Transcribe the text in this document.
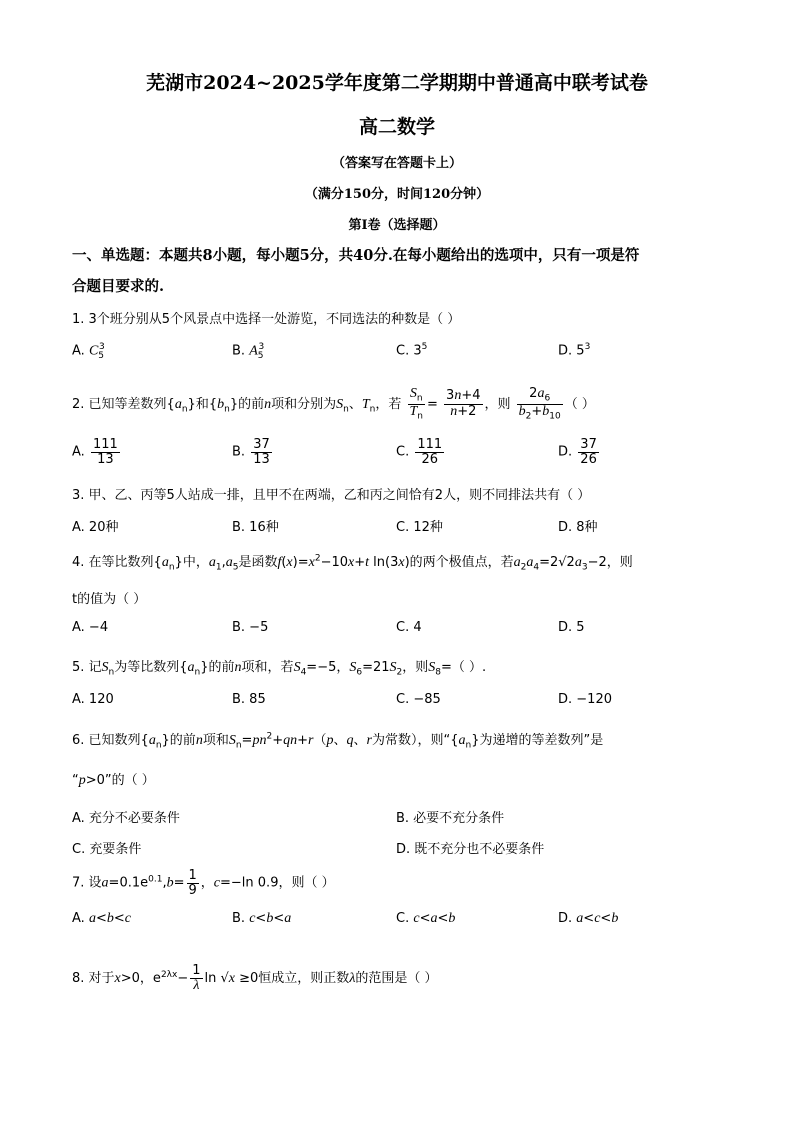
芜湖市2024~2025学年度第二学期期中普通高中联考试卷
高二数学
（答案写在答题卡上）
（满分150分，时间120分钟）
第Ⅰ卷（选择题）
一、单选题：本题共8小题，每小题5分，共40分.在每小题给出的选项中，只有一项是符
合题目要求的.
1. 3个班分别从5个风景点中选择一处游览，不同选法的种数是（ ）
A. $C_5^3$	B. $A_5^3$	C. $3^5$	D. $5^3$
2. 已知等差数列$\{a_n\}$和$\{b_n\}$的前n项和分别为$S_n$、$T_n$，若 $\frac{S_n}{T_n} = \frac{3n+4}{n+2}$ ，则 $\frac{2a_6}{b_2+b_{10}}$ （ ）
A. $\frac{111}{13}$	B. $\frac{37}{13}$	C. $\frac{111}{26}$	D. $\frac{37}{26}$
3. 甲、乙、丙等5人站成一排，且甲不在两端，乙和丙之间恰有2人，则不同排法共有（ ）
A. 20种	B. 16种	C. 12种	D. 8种
4. 在等比数列$\{a_n\}$中，$a_1,a_5$是函数$f(x)=x^2-10x+t$ ln(3x)的两个极值点，若$a_2a_4=2√2a_3-2$，则
t的值为（ ）
A. −4	B. −5	C. 4	D. 5
5. 记$S_n$为等比数列$\{a_n\}$的前n项和，若$S_4=-5$，$S_6=21S_2$，则$S_8=$（ ）.
A. 120	B. 85	C. −85	D. −120
6. 已知数列$\{a_n\}$的前n项和$S_n=pn^2+qn+r(p$、q、r为常数），则“$\{a_n\}$为递增的等差数列”是
“p>0”的（ ）
A. 充分不必要条件	B. 必要不充分条件
C. 充要条件	D. 既不充分也不必要条件
7. 设$a=0.1e^{0.1},b= \frac{1}{9}$ ，c=−ln 0.9，则（ ）
A. a<b<c	B. c<b<a	C. c<a<b	D. a<c<b
8. 对于x>0，$e^{2\lambda x}- \frac{1}{\lambda}$ ln √x ≥0恒成立，则正数λ的范围是（ ）
